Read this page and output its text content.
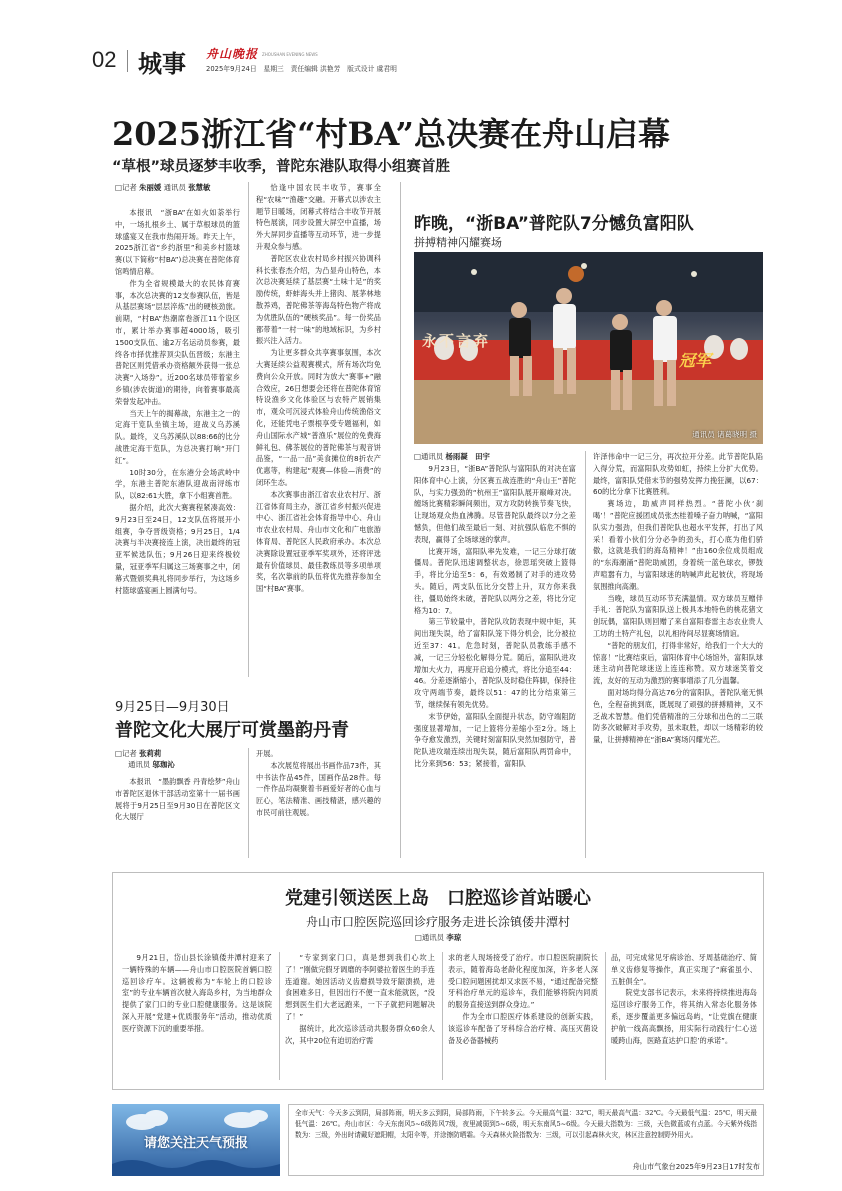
02 城事 舟山晚报 ZHOUSHAN EVENING NEWS
2025年9月24日　星期三　责任编辑 洪艳芳　版式设计 虞君明
2025浙江省“村BA”总决赛在舟山启幕
“草根”球员逐梦丰收季，普陀东港队取得小组赛首胜
□记者 朱丽媛 通讯员 张慧敏

本报讯　“浙BA”在如火如荼举行中，一场扎根乡土、属于草根球员的篮球盛宴又在我市热闹开场。昨天上午，2025浙江省“乡约浙里”和美乡村篮球赛(以下简称“村BA”)总决赛在普陀体育馆鸣情启幕。

作为全省规模最大的农民体育赛事，本次总决赛的12支参赛队伍，皆是从基层赛场“层层淬炼”出的硬核劲旅。前期，“村BA”热潮席卷浙江11个设区市，累计举办赛事超4000场，吸引1500支队伍、逾2万名运动员参赛，最终各市择优推荐顶尖队伍晋级；东港主普陀区则凭借承办资格额外获得一张总决赛“入场券”。近200名球员带着家乡乡镇(涉农街道)的期待，向着赛事最高荣誉发起冲击。

当天上午的揭幕战，东港主之一的定海干览队坐镇主场，迎战义乌苏溪队。最终，义乌苏溪队以88:66的比分战胜定海干览队，为总决赛打响“开门红”。

10时30分，在东港分会场武岭中学，东港主普陀东港队迎战南浔练市队，以82:61大胜，拿下小组赛首胜。

据介绍，此次大赛赛程紧凑高效：9月23日至24日，12支队伍将展开小组赛，争夺晋级资格；9月25日，1/4决赛与半决赛接连上演，决出最终的冠亚军候选队伍；9月26日迎来终极较量，冠亚季军归属这三场赛事之中，闭幕式暨颁奖典礼将同步举行，为这场乡村篮球盛宴画上圆满句号。

恰逢中国农民丰收节，赛事全程“农味”“渔趣”交融。开幕式以涉农主题节目暖场，闭幕式将结合丰收节开展特色展演，同步设置大屏空中直播，场外大屏同步直播等互动环节，进一步提升观众参与感。

普陀区农业农村局乡村振兴协调科科长张春杰介绍，为凸显舟山特色，本次总决赛延续了基层赛“土味十足”的奖励传统，虾蚌海头并上猪肉、展茅林地散养鸡，普陀佛茶等海岛特色物产将成为优胜队伍的“硬核奖品”。每一份奖品都带着“一村一味”的地域标识，为乡村振兴注入活力。

为让更多群众共享赛事氛围，本次大赛延续公益观赛模式，所有场次均免费向公众开放。同时为放大“赛事+”融合效应，26日想要会还将在普陀体育馆特设渔乡文化体验区与农特产展销集市，观众可沉浸式体验舟山传统渔俗文化，还能凭电子票根享受专题福利，如舟山国际水产城“普渔乐”展位的免费海鲜礼包、佛茶展位的普陀佛茶与观音饼品鉴，“一品一品”美食摊位的8折农产优惠等，构建起“观赛—体验—消费”的闭环生态。

本次赛事由浙江省农业农村厅、浙江省体育局主办，浙江省乡村振兴促进中心、浙江省社会体育指导中心、舟山市农业农村局、舟山市文化和广电旅游体育局、普陀区人民政府承办。本次总决赛除设置冠亚季军奖项外，还将评选最有价值球员、最佳教练员等多项单项奖，名次靠前的队伍将优先推荐参加全国“村BA”赛事。

昨晚，“浙BA”普陀队7分憾负富阳队
拼搏精神闪耀赛场
永不言弃
冠军
通讯员 诸葛晓明 摄
□通讯员 杨雨凝　田宇

9月23日，“浙BA”普陀队与富阳队的对决在富阳体育中心上演，分区赛五战连胜的“舟山王”普陀队，与实力强劲的“杭州王”富阳队展开巅峰对决。缠场比赛精彩瞬间频出，双方攻防转换节奏飞快，让现场观众热血沸腾。尽管普陀队最终以7分之差憾负，但他们战至最后一刻、对抗强队临危不惧的表现，赢得了全场球迷的掌声。

比赛开场，富阳队率先发难，一记三分球打破僵局。普陀队迅速调整状态，徐思瑶突破上篮得手，将比分追至5：6，有效遏制了对手的进攻势头。随后，两支队伍比分交替上升，双方你来我往，僵局始终未破，普陀队以两分之差，将比分定格为10：7。

第三节较量中，普陀队攻防表现中规中矩，其间出现失误，给了富阳队笼下得分机会，比分被拉近至37：41。危急时刻，普陀队员教练手感不减，一记三分轻松化解得分荒。随后，富阳队进攻增加大火力，再度开启追分模式，将比分追至44：46。分差逐渐缩小，普陀队及时稳住阵脚，保持住攻守两端节奏，最终以51：47的比分结束第三节，继续保有领先优势。

末节伊始，富阳队全面提升状态，防守端阻防强度显著增加，一记上篮将分差缩小至2分。场上争夺愈发激烈，关键时刻富阳队突然加强防守，普陀队进攻端连续出现失误，随后富阳队两罚命中，比分来到56：53；紧接着，富阳队

许泽伟命中一记三分，再次拉开分差。此节普陀队陷入得分荒，而富阳队攻势如虹，持续上分扩大优势。最终，富阳队凭借末节的强势发挥力挽狂澜，以67：60的比分拿下比赛胜利。

赛场边，助威声同样热烈。“普陀小伙‘刹喝’！”普陀应援团成员张杰桂着嗓子奋力呐喊，“富阳队实力强劲，但我们普陀队也超水平发挥，打出了风采！看着小伙们分分必争的劲头，打心底为他们骄傲，这就是我们的海岛精神！”由160余位成员组成的“东海潮涌”普陀助威团，身着统一蓝色球衣，锣鼓声喧嚣有力，与富阳球迷的呐喊声此起彼伏，将现场氛围推向高潮。

当晚，球员互动环节充满温情。双方球员互赠伴手礼：普陀队为富阳队送上极具本地特色的桃花猪文创玩偶，富阳队则回赠了来自富阳春雷主态农业贵人工坊的土特产礼包，以礼相待间尽显赛场情谊。

“普陀的朋友们，打得非常好，给我们一个大大的惊喜！”比赛结束后，富阳体育中心场馆外，富阳队球迷主动向普陀球迷送上连连称赞。双方球迷笑着交流，友好的互动为激烈的赛事增添了几分温馨。

面对场均得分高达76分的富阳队，普陀队毫无惧色，全程奋挑到底，既展现了顽强的拼搏精神，又不乏战术智慧。他们凭借精准的三分球和出色的二三联防多次破解对手攻势，虽未取胜，却以一场精彩的较量，让拼搏精神在“浙BA”赛场闪耀光芒。

9月25日—9月30日
普陀文化大展厅可赏墨韵丹青
□记者 张莉莉
通讯员 邬珈沁

本报讯　“墨韵飘香 丹青绘梦”舟山市普陀区退休干部活动室第十一届书画展将于9月25日至9月30日在普陀区文化大展厅

开展。

本次展览将展出书画作品73件，其中书法作品45件，国画作品28件。每一件作品均凝聚着书画爱好者的心血与匠心，笔法精准、画技精湛，感兴趣的市民可前往观展。

党建引领送医上岛　口腔巡诊首站暖心
舟山市口腔医院巡回诊疗服务走进长涂镇倭井潭村
□通讯员 李琼

9月21日，岱山县长涂镇倭井潭村迎来了一辆特殊的车辆——舟山市口腔医院首辆口腔巡回诊疗车。这辆被称为“车轮上的口腔诊室”的专业车辆首次驶入海岛乡村，为当地群众提供了家门口的专业口腔健康服务。这是该院深入开展“党建+优质服务年”活动，推动优质医疗资源下沉的重要举措。

“专家到家门口，真是想到我们心坎上了！”刚做完假牙调磨的李阿婆拉着医生的手连连道谢。她因活动义齿磨损导致牙龈溃损，进食困难多日，但因出行不便一直未能就医，“没想到医生们大老远跑来，一下子就把问题解决了！”

据统计，此次巡诊活动共服务群众60余人次，其中20位有迫切治疗需

求的老人现场接受了治疗。市口腔医院副院长表示，随着海岛老龄化程度加深，许多老人深受口腔问题困扰却又求医不易，“通过配备完整牙科治疗单元的巡诊车，我们能够将院内同质的服务直接送到群众身边。”

作为全市口腔医疗体系建设的创新实践，该巡诊车配备了牙科综合治疗椅、高压灭菌设备及必备器械药

品，可完成常见牙病诊治、牙周基础治疗、简单义齿修复等操作，真正实现了“麻雀虽小、五脏俱全”。

院党支部书记表示，未来将持续推进海岛巡回诊疗服务工作，将其纳入常态化服务体系，逐步覆盖更多偏远岛屿，“让党旗在健康护航一线高高飘扬，用实际行动践行‘仁心送暖跨山海，医路直达护口腔’的承诺”。

请您关注天气预报
全市天气：今天多云到阴，局部阵雨，明天多云到阴，局部阵雨，下午转多云。今天最高气温：32℃，明天最高气温：32℃。今天最低气温：25℃，明天最低气温：26℃。舟山市区：今天东南风5~6级阵风7级，夜里减弱到5~6级，明天东南风5~6级。今天最大指数为：三级，天色微蓝或有点蓝。今天紫外线指数为：三级，外出时请戴好遮阳帽，太阳伞等，并涂擦防晒霜。今天森林火险指数为：三级，可以引起森林火灾，林区注意控制野外用火。
舟山市气象台2025年9月23日17时发布
